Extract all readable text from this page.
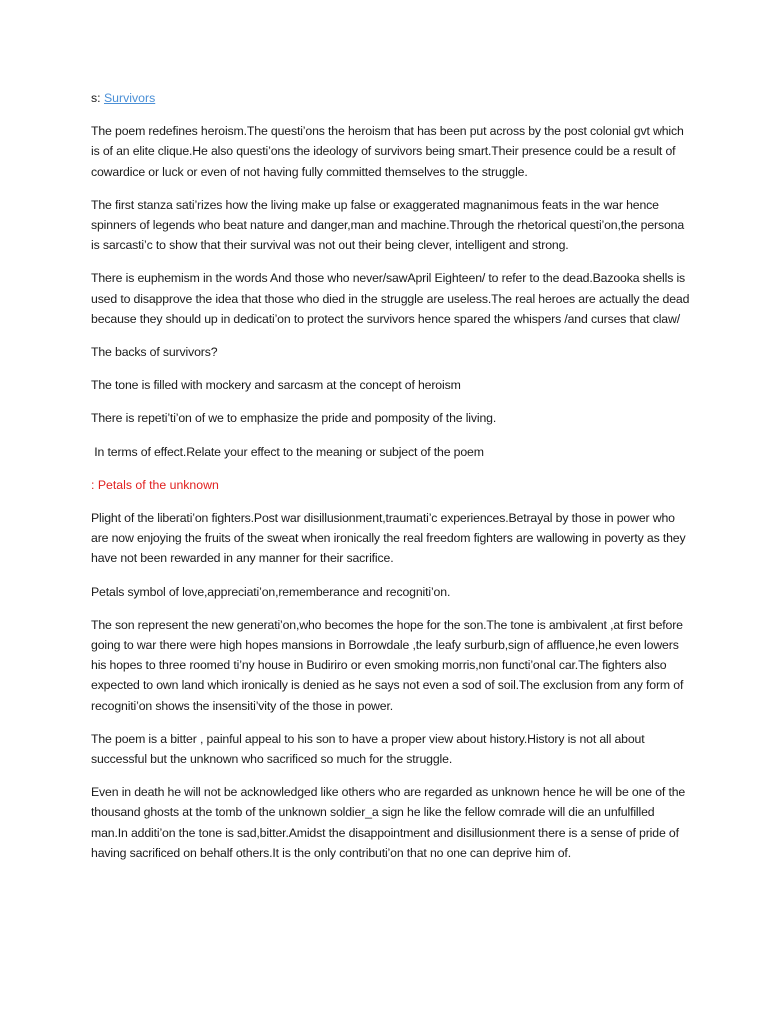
s: Survivors

The poem redefines heroism.The questi’ons the heroism that has been put across by the post colonial gvt which is of an elite clique.He also questi’ons the ideology of survivors being smart.Their presence could be a result of cowardice or luck or even of not having fully committed themselves to the struggle.

The first stanza sati’rizes how the living make up false or exaggerated magnanimous feats in the war hence spinners of legends who beat nature and danger,man and machine.Through the rhetorical questi’on,the persona is sarcasti’c to show that their survival was not out their being clever, intelligent and strong.

There is euphemism in the words And those who never/sawApril Eighteen/ to refer to the dead.Bazooka shells is used to disapprove the idea that those who died in the struggle are useless.The real heroes are actually the dead because they should up in dedicati’on to protect the survivors hence spared the whispers /and curses that claw/

The backs of survivors?

The tone is filled with mockery and sarcasm at the concept of heroism

There is repeti’ti’on of we to emphasize the pride and pomposity of the living.

In terms of effect.Relate your effect to the meaning or subject of the poem

: Petals of the unknown

Plight of the liberati’on fighters.Post war disillusionment,traumati’c experiences.Betrayal by those in power who are now enjoying the fruits of the sweat when ironically the real freedom fighters are wallowing in poverty as they have not been rewarded in any manner for their sacrifice.

Petals symbol of love,appreciati’on,rememberance and recogniti’on.

The son represent the new generati’on,who becomes the hope for the son.The tone is ambivalent ,at first before going to war there were high hopes mansions in Borrowdale ,the leafy surburb,sign of affluence,he even lowers his hopes to three roomed ti’ny house in Budiriro or even smoking morris,non functi’onal car.The fighters also expected to own land which ironically is denied as he says not even a sod of soil.The exclusion from any form of recogniti’on shows the insensiti’vity of the those in power.

The poem is a bitter , painful appeal to his son to have a proper view about history.History is not all about successful but the unknown who sacrificed so much for the struggle.

Even in death he will not be acknowledged like others who are regarded as unknown hence he will be one of the thousand ghosts at the tomb of the unknown soldier_a sign he like the fellow comrade will die an unfulfilled man.In additi’on the tone is sad,bitter.Amidst the disappointment and disillusionment there is a sense of pride of having sacrificed on behalf others.It is the only contributi’on that no one can deprive him of.
